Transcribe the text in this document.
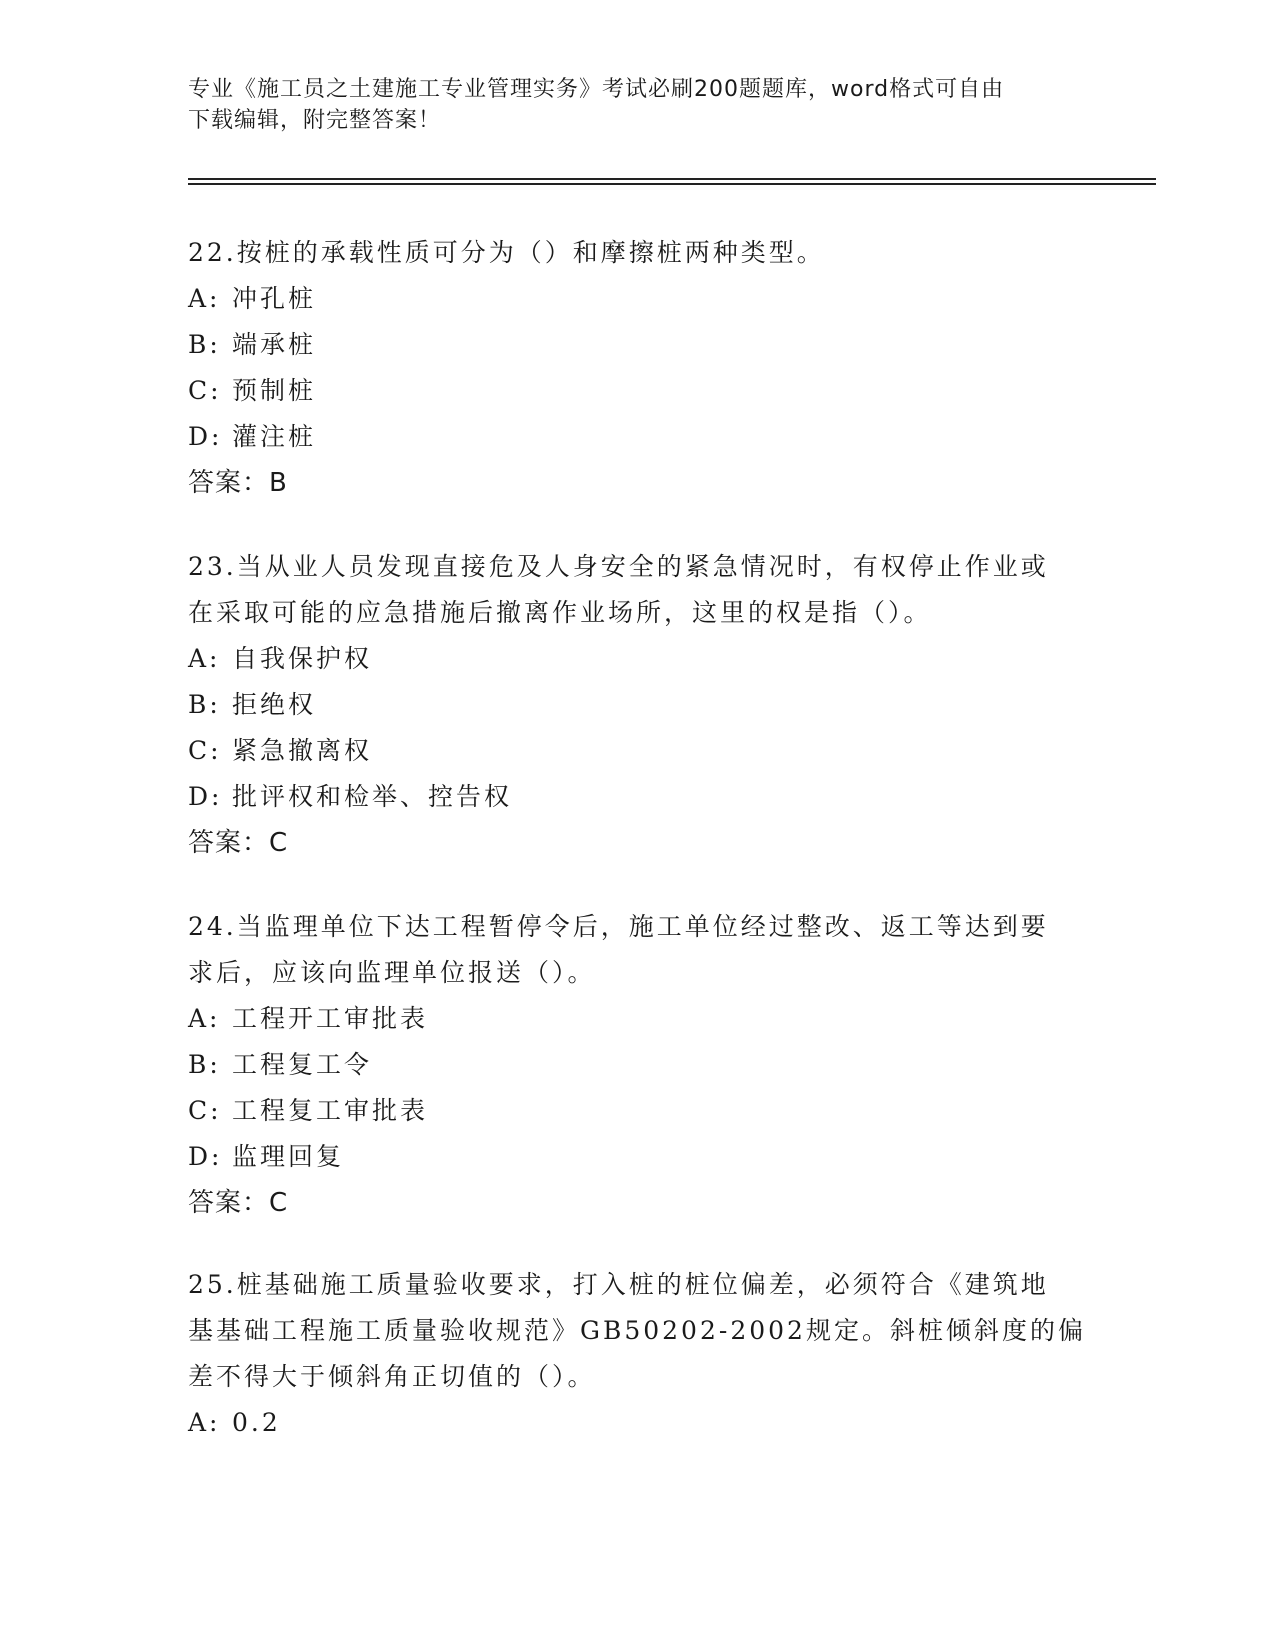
专业《施工员之土建施工专业管理实务》考试必刷200题题库，word格式可自由
下载编辑，附完整答案！
22.按桩的承载性质可分为（）和摩擦桩两种类型。
A: 冲孔桩
B: 端承桩
C: 预制桩
D: 灌注桩
答案：B
23.当从业人员发现直接危及人身安全的紧急情况时，有权停止作业或
在采取可能的应急措施后撤离作业场所，这里的权是指（）。
A: 自我保护权
B: 拒绝权
C: 紧急撤离权
D: 批评权和检举、控告权
答案：C
24.当监理单位下达工程暂停令后，施工单位经过整改、返工等达到要
求后，应该向监理单位报送（）。
A: 工程开工审批表
B: 工程复工令
C: 工程复工审批表
D: 监理回复
答案：C
25.桩基础施工质量验收要求，打入桩的桩位偏差，必须符合《建筑地
基基础工程施工质量验收规范》GB50202-2002规定。斜桩倾斜度的偏
差不得大于倾斜角正切值的（）。
A: 0.2
